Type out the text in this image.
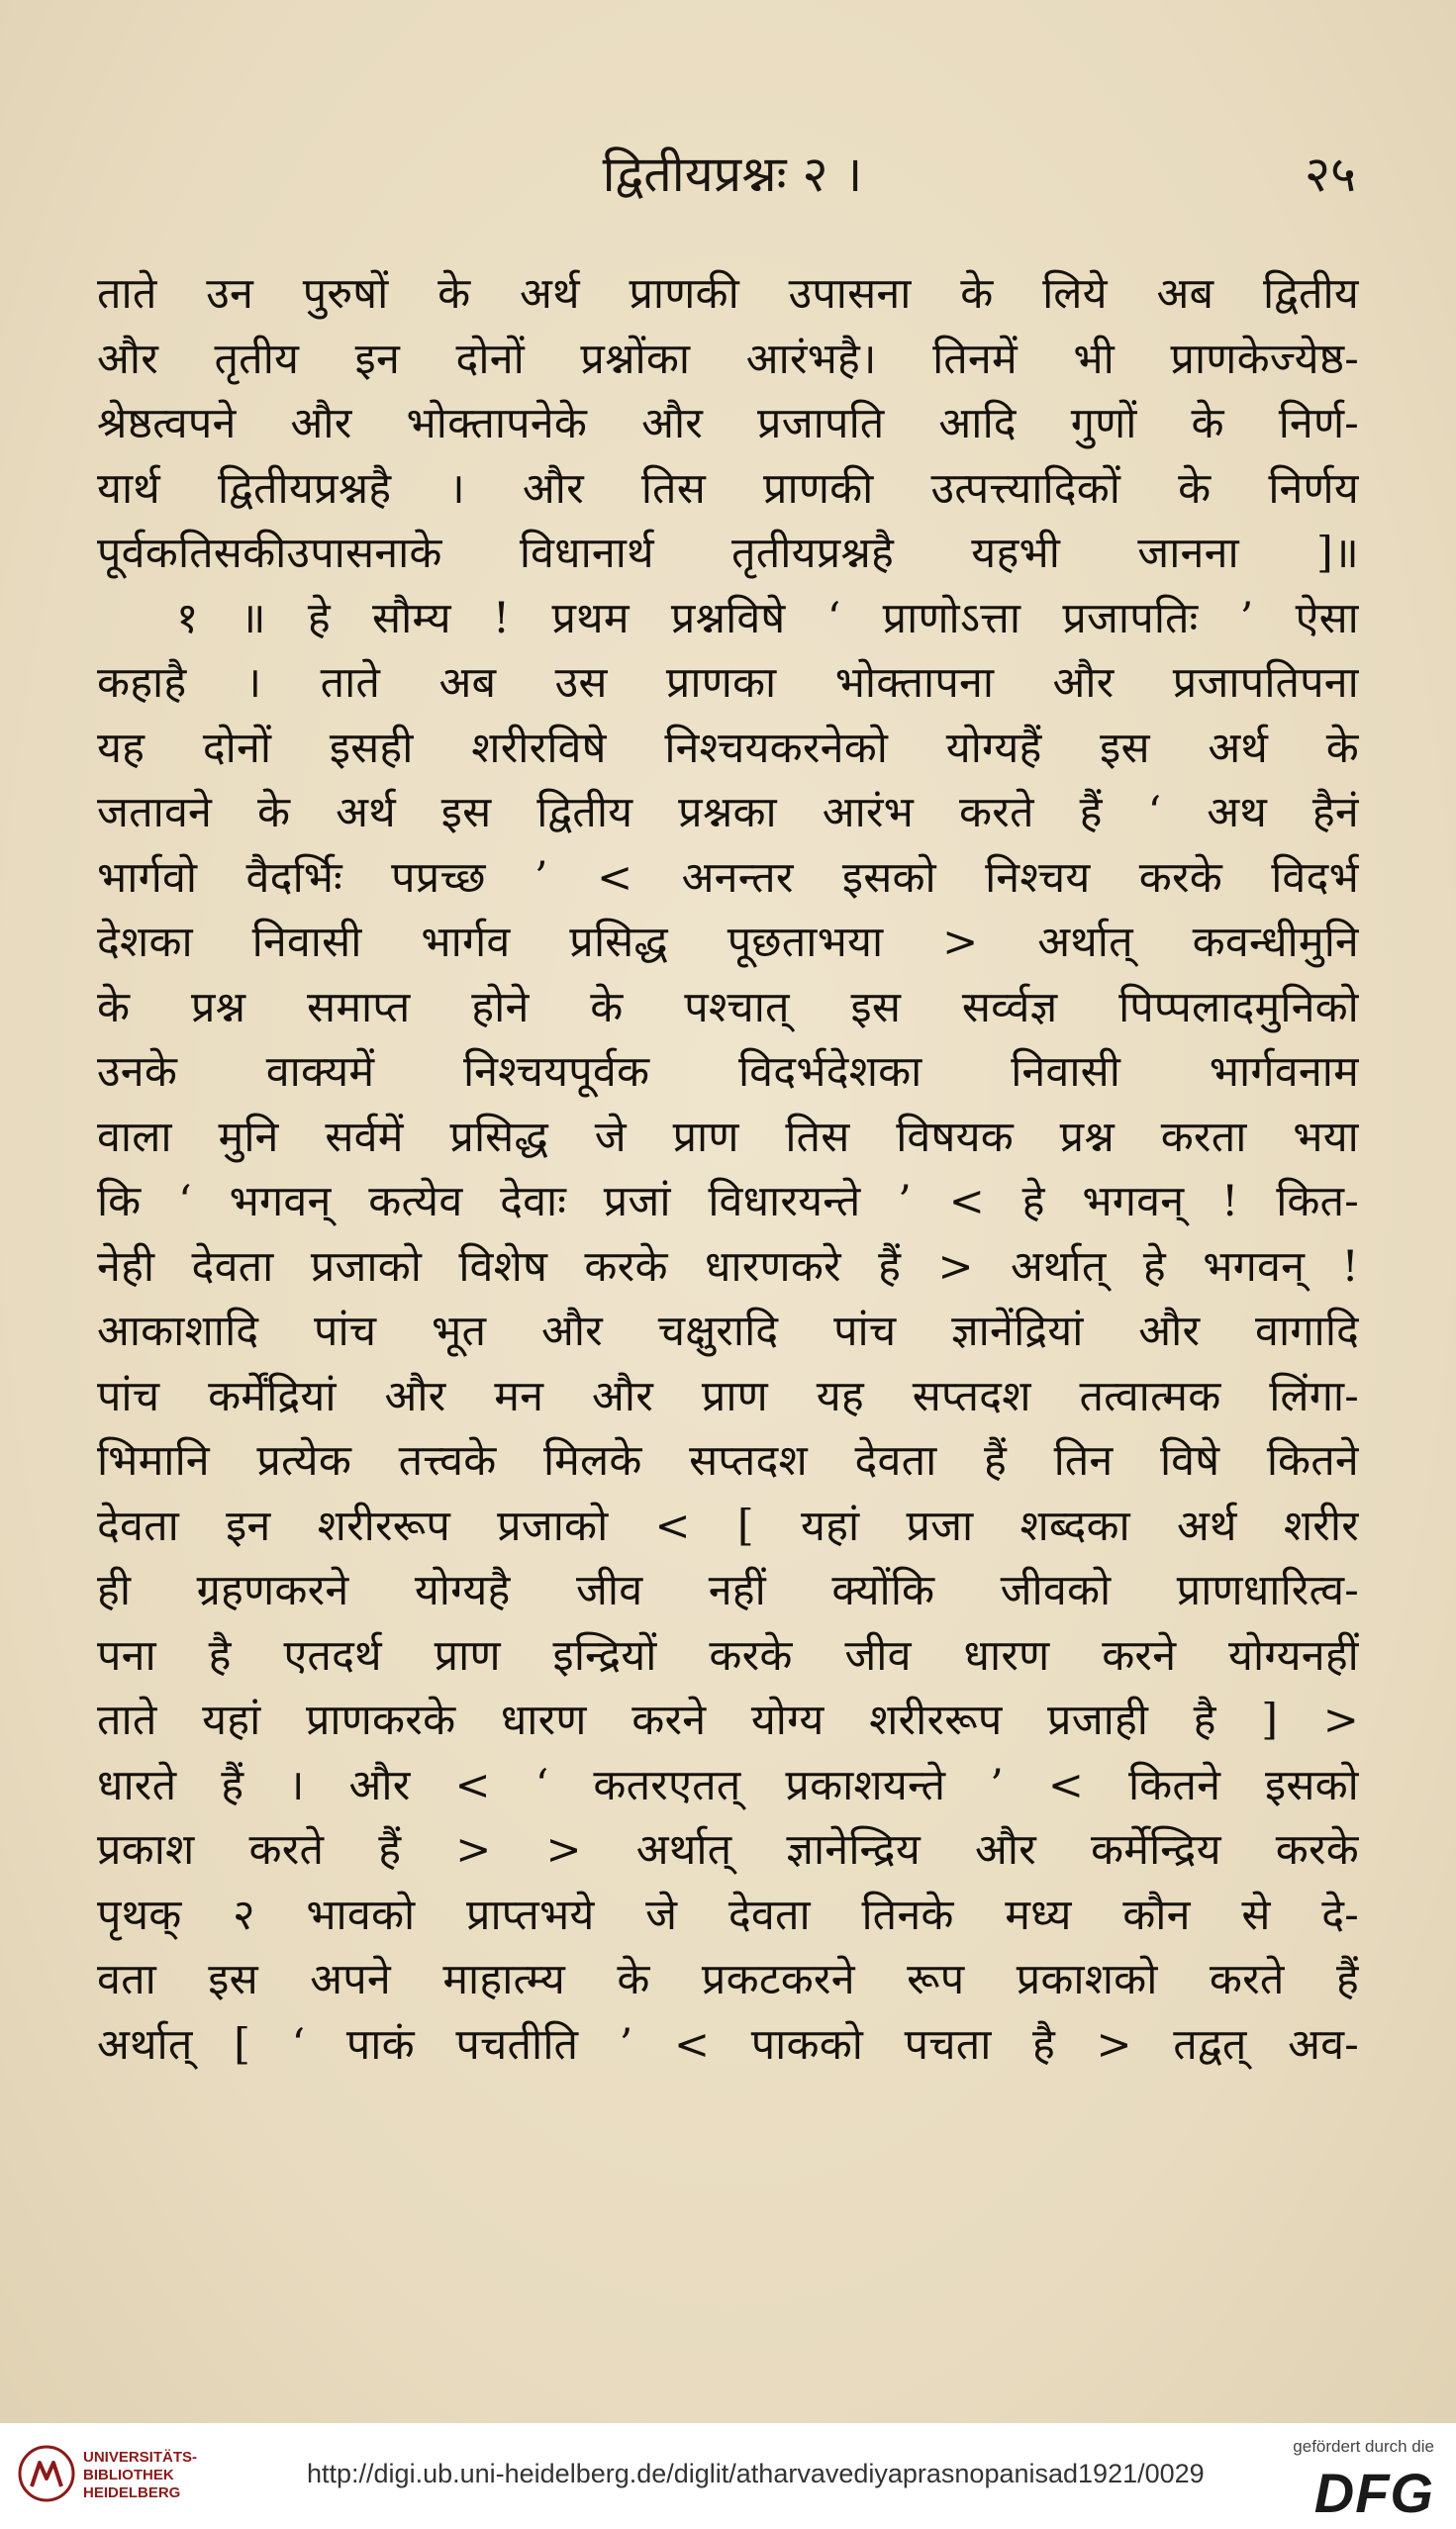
द्वितीयप्रश्नः २ ।	२५
ताते उन पुरुषों के अर्थ प्राणकी उपासना के लिये अब द्वितीय
और तृतीय इन दोनों प्रश्नोंका आरंभहै। तिनमें भी प्राणकेज्येष्ठ-
श्रेष्ठत्वपने और भोक्तापनेके और प्रजापति आदि गुणों के निर्ण-
यार्थ द्वितीयप्रश्नहै । और तिस प्राणकी उत्पत्त्यादिकों के निर्णय
पूर्वकतिसकीउपासनाके विधानार्थ तृतीयप्रश्नहै यहभी जानना ]॥
१ ॥ हे सौम्य ! प्रथम प्रश्नविषे ‘ प्राणोऽत्ता प्रजापतिः ’ ऐसा
कहाहै । ताते अब उस प्राणका भोक्तापना और प्रजापतिपना
यह दोनों इसही शरीरविषे निश्चयकरनेको योग्यहैं इस अर्थ के
जतावने के अर्थ इस द्वितीय प्रश्नका आरंभ करते हैं ‘ अथ हैनं
भार्गवो वैदर्भिः पप्रच्छ ’ < अनन्तर इसको निश्चय करके विदर्भ
देशका निवासी भार्गव प्रसिद्ध पूछताभया > अर्थात् कवन्धीमुनि
के प्रश्न समाप्त होने के पश्चात् इस सर्व्वज्ञ पिप्पलादमुनिको
उनके वाक्यमें निश्चयपूर्वक विदर्भदेशका निवासी भार्गवनाम
वाला मुनि सर्वमें प्रसिद्ध जे प्राण तिस विषयक प्रश्न करता भया
कि ‘ भगवन् कत्येव देवाः प्रजां विधारयन्ते ’ < हे भगवन् ! कित-
नेही देवता प्रजाको विशेष करके धारणकरे हैं > अर्थात् हे भगवन् !
आकाशादि पांच भूत और चक्षुरादि पांच ज्ञानेंद्रियां और वागादि
पांच कर्मेंद्रियां और मन और प्राण यह सप्तदश तत्वात्मक लिंगा-
भिमानि प्रत्येक तत्त्वके मिलके सप्तदश देवता हैं तिन विषे कितने
देवता इन शरीररूप प्रजाको < [ यहां प्रजा शब्दका अर्थ शरीर
ही ग्रहणकरने योग्यहै जीव नहीं क्योंकि जीवको प्राणधारित्व-
पना है एतदर्थ प्राण इन्द्रियों करके जीव धारण करने योग्यनहीं
ताते यहां प्राणकरके धारण करने योग्य शरीररूप प्रजाही है ] >
धारते हैं । और < ‘ कतरएतत् प्रकाशयन्ते ’ < कितने इसको
प्रकाश करते हैं > > अर्थात् ज्ञानेन्द्रिय और कर्मेन्द्रिय करके
पृथक् २ भावको प्राप्तभये जे देवता तिनके मध्य कौन से दे-
वता इस अपने माहात्म्य के प्रकटकरने रूप प्रकाशको करते हैं
अर्थात् [ ‘ पाकं पचतीति ’ < पाकको पचता है > तद्वत् अव-
UNIVERSITÄTS-
BIBLIOTHEK
HEIDELBERG
http://digi.ub.uni-heidelberg.de/diglit/atharvavediyaprasnopanisad1921/0029
gefördert durch die
DFG
